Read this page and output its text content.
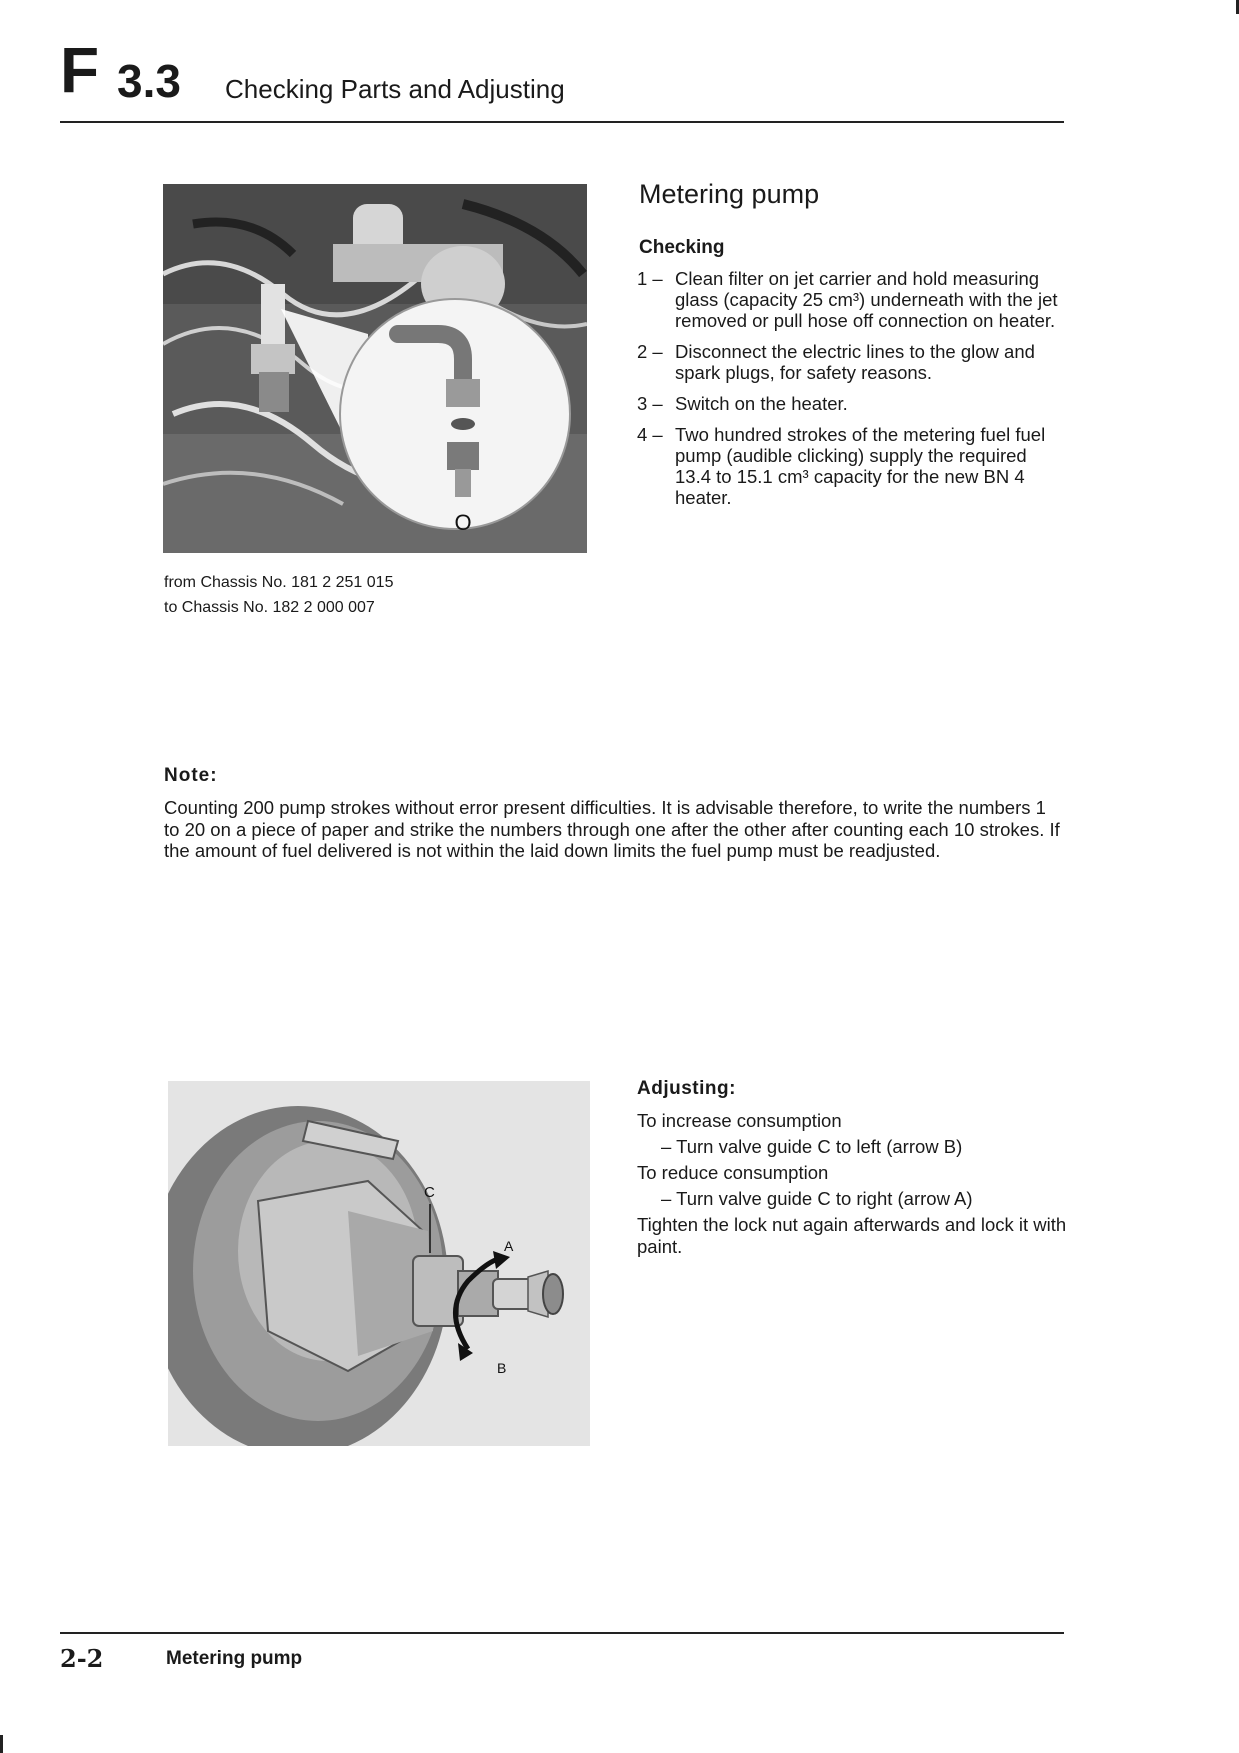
F 3.3 Checking Parts and Adjusting
O
from Chassis No. 181 2 251 015
to Chassis No. 182 2 000 007
Metering pump
Checking
1 – Clean filter on jet carrier and hold measuring glass (capacity 25 cm³) underneath with the jet removed or pull hose off connection on heater.
2 – Disconnect the electric lines to the glow and spark plugs, for safety reasons.
3 – Switch on the heater.
4 – Two hundred strokes of the metering fuel fuel pump (audible clicking) supply the required 13.4 to 15.1 cm³ capacity for the new BN 4 heater.
Note:
Counting 200 pump strokes without error present difficulties. It is advisable therefore, to write the numbers 1 to 20 on a piece of paper and strike the numbers through one after the other after counting each 10 strokes. If the amount of fuel delivered is not within the laid down limits the fuel pump must be readjusted.
C
A
B
Adjusting:

To increase consumption

– Turn valve guide C to left (arrow B)

To reduce consumption

– Turn valve guide C to right (arrow A)

Tighten the lock nut again afterwards and lock it with paint.

2-2	Metering pump
